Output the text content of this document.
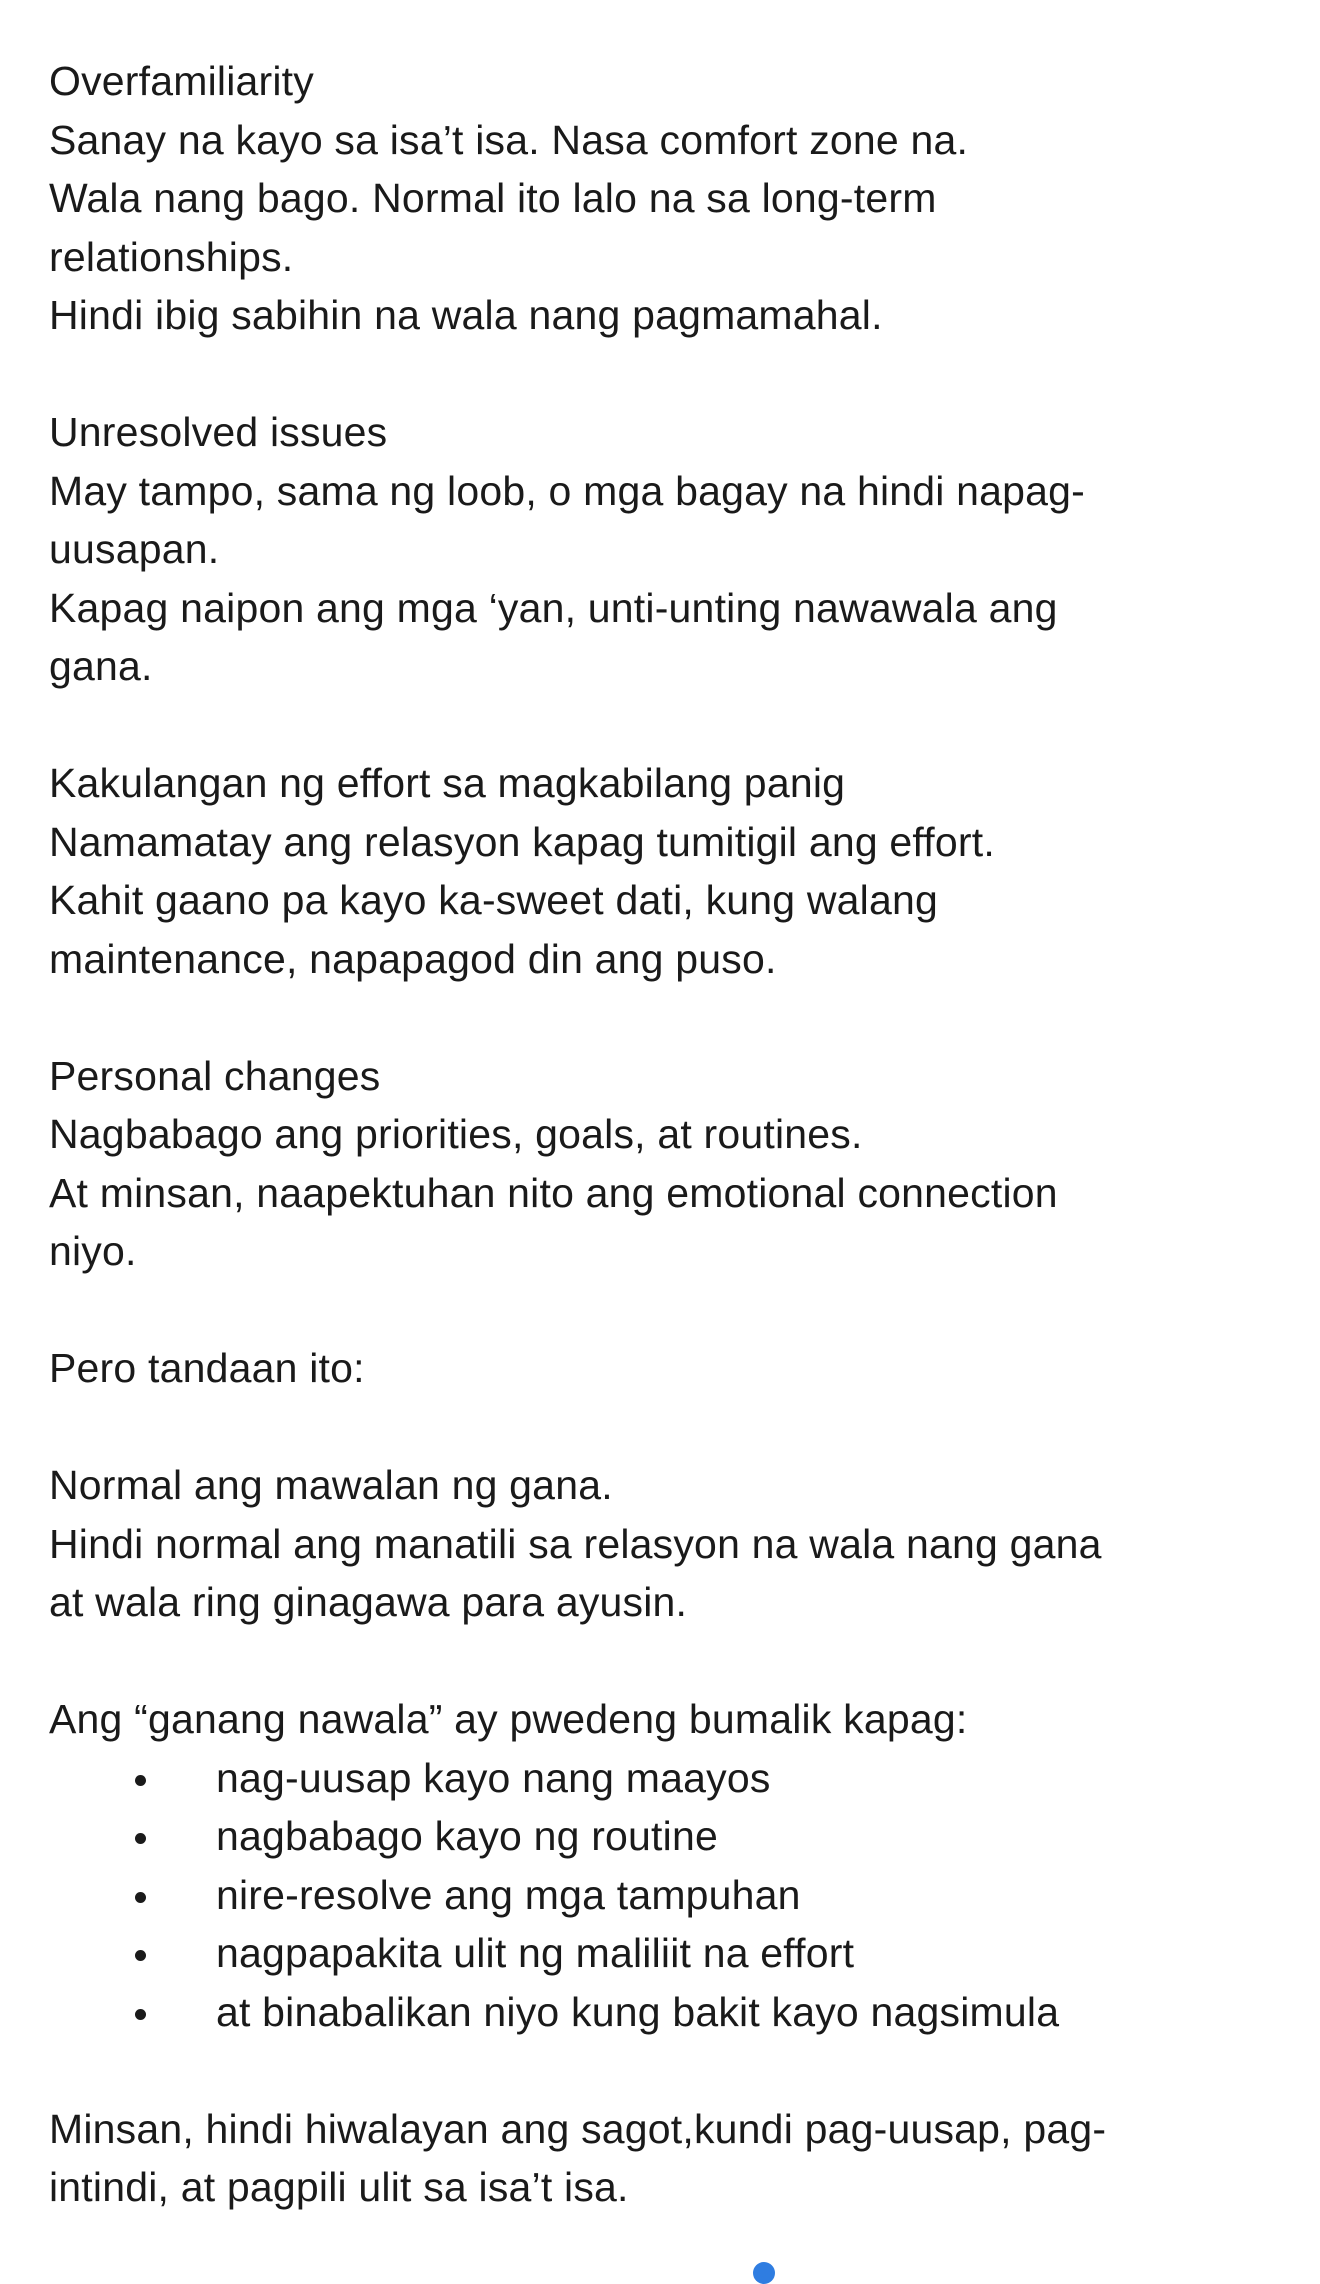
Overfamiliarity
Sanay na kayo sa isa’t isa. Nasa comfort zone na.
Wala nang bago. Normal ito lalo na sa long-term
relationships.
Hindi ibig sabihin na wala nang pagmamahal.

Unresolved issues
May tampo, sama ng loob, o mga bagay na hindi napag-
uusapan.
Kapag naipon ang mga ‘yan, unti-unting nawawala ang
gana.

Kakulangan ng effort sa magkabilang panig
Namamatay ang relasyon kapag tumitigil ang effort.
Kahit gaano pa kayo ka-sweet dati, kung walang
maintenance, napapagod din ang puso.

Personal changes
Nagbabago ang priorities, goals, at routines.
At minsan, naapektuhan nito ang emotional connection
niyo.

Pero tandaan ito:

Normal ang mawalan ng gana.
Hindi normal ang manatili sa relasyon na wala nang gana
at wala ring ginagawa para ayusin.

Ang “ganang nawala” ay pwedeng bumalik kapag:
nag-uusap kayo nang maayos
nagbabago kayo ng routine
nire-resolve ang mga tampuhan
nagpapakita ulit ng maliliit na effort
at binabalikan niyo kung bakit kayo nagsimula

Minsan, hindi hiwalayan ang sagot,kundi pag-uusap, pag-
intindi, at pagpili ulit sa isa’t isa.
